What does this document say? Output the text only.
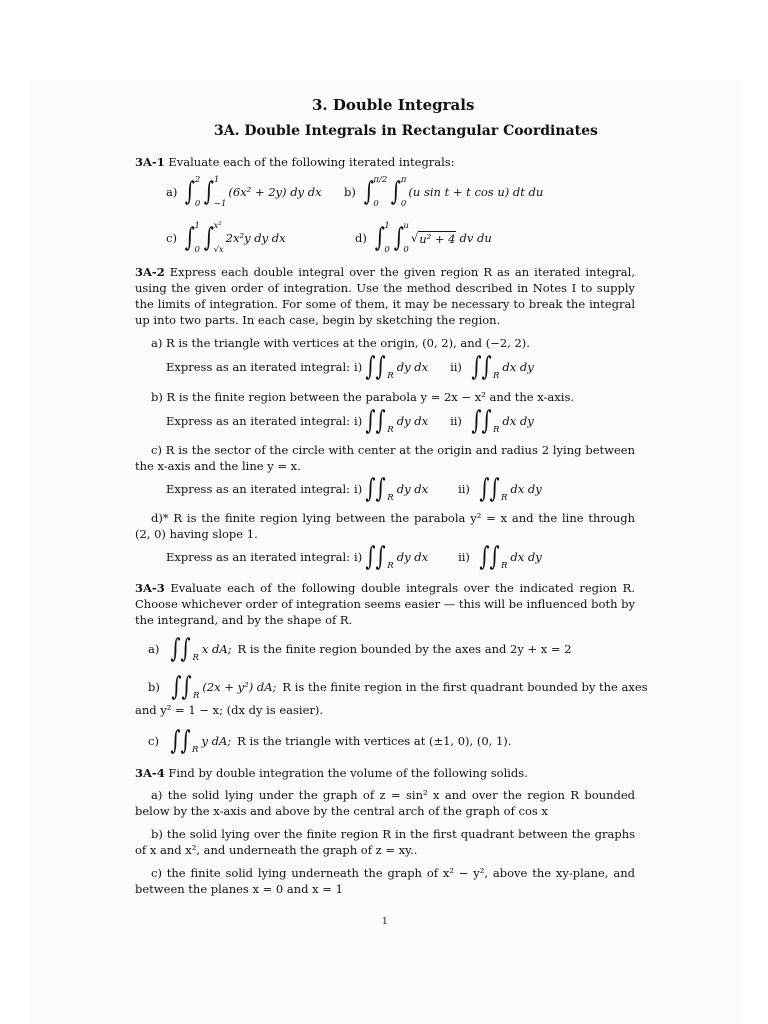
3. Double Integrals
3A. Double Integrals in Rectangular Coordinates
3A-1 Evaluate each of the following iterated integrals:
a) ∫ 2
0 ∫ 1
−1
(6x² + 2y) dy dx b) ∫ π/2
0 ∫ π
0
(u sin t + t cos u) dt du
c) ∫ 1
0 ∫ x²
√x
2x²y dy dx	d) ∫ 1
0 ∫ u
0
√ u² + 4 dv du
3A-2 Express each double integral over the given region R as an iterated integral, using the given order of integration. Use the method described in Notes I to supply the limits of integration. For some of them, it may be necessary to break the integral up into two parts. In each case, begin by sketching the region.
a) R is the triangle with vertices at the origin, (0, 2), and (−2, 2).
Express as an iterated integral: i) ∫∫ R
dy dx ii) ∫∫ R
dx dy
b) R is the finite region between the parabola y = 2x − x² and the x-axis.
Express as an iterated integral: i) ∫∫ R
dy dx ii) ∫∫ R
dx dy
c) R is the sector of the circle with center at the origin and radius 2 lying between the x-axis and the line y = x.
Express as an iterated integral: i) ∫∫ R
dy dx	ii) ∫∫ R
dx dy
d)* R is the finite region lying between the parabola y² = x and the line through (2, 0) having slope 1.
Express as an iterated integral: i) ∫∫ R
dy dx	ii) ∫∫ R
dx dy
3A-3 Evaluate each of the following double integrals over the indicated region R. Choose whichever order of integration seems easier — this will be influenced both by the integrand, and by the shape of R.
a) ∫∫ R
x dA; R is the finite region bounded by the axes and 2y + x = 2
b) ∫∫ R
(2x + y²) dA; R is the finite region in the first quadrant bounded by the axes
and y² = 1 − x; (dx dy is easier).
c) ∫∫ R
y dA; R is the triangle with vertices at (±1, 0), (0, 1).
3A-4 Find by double integration the volume of the following solids.
a) the solid lying under the graph of z = sin² x and over the region R bounded below by the x-axis and above by the central arch of the graph of cos x
b) the solid lying over the finite region R in the first quadrant between the graphs of x and x², and underneath the graph of z = xy..
c) the finite solid lying underneath the graph of x² − y², above the xy-plane, and between the planes x = 0 and x = 1
1
